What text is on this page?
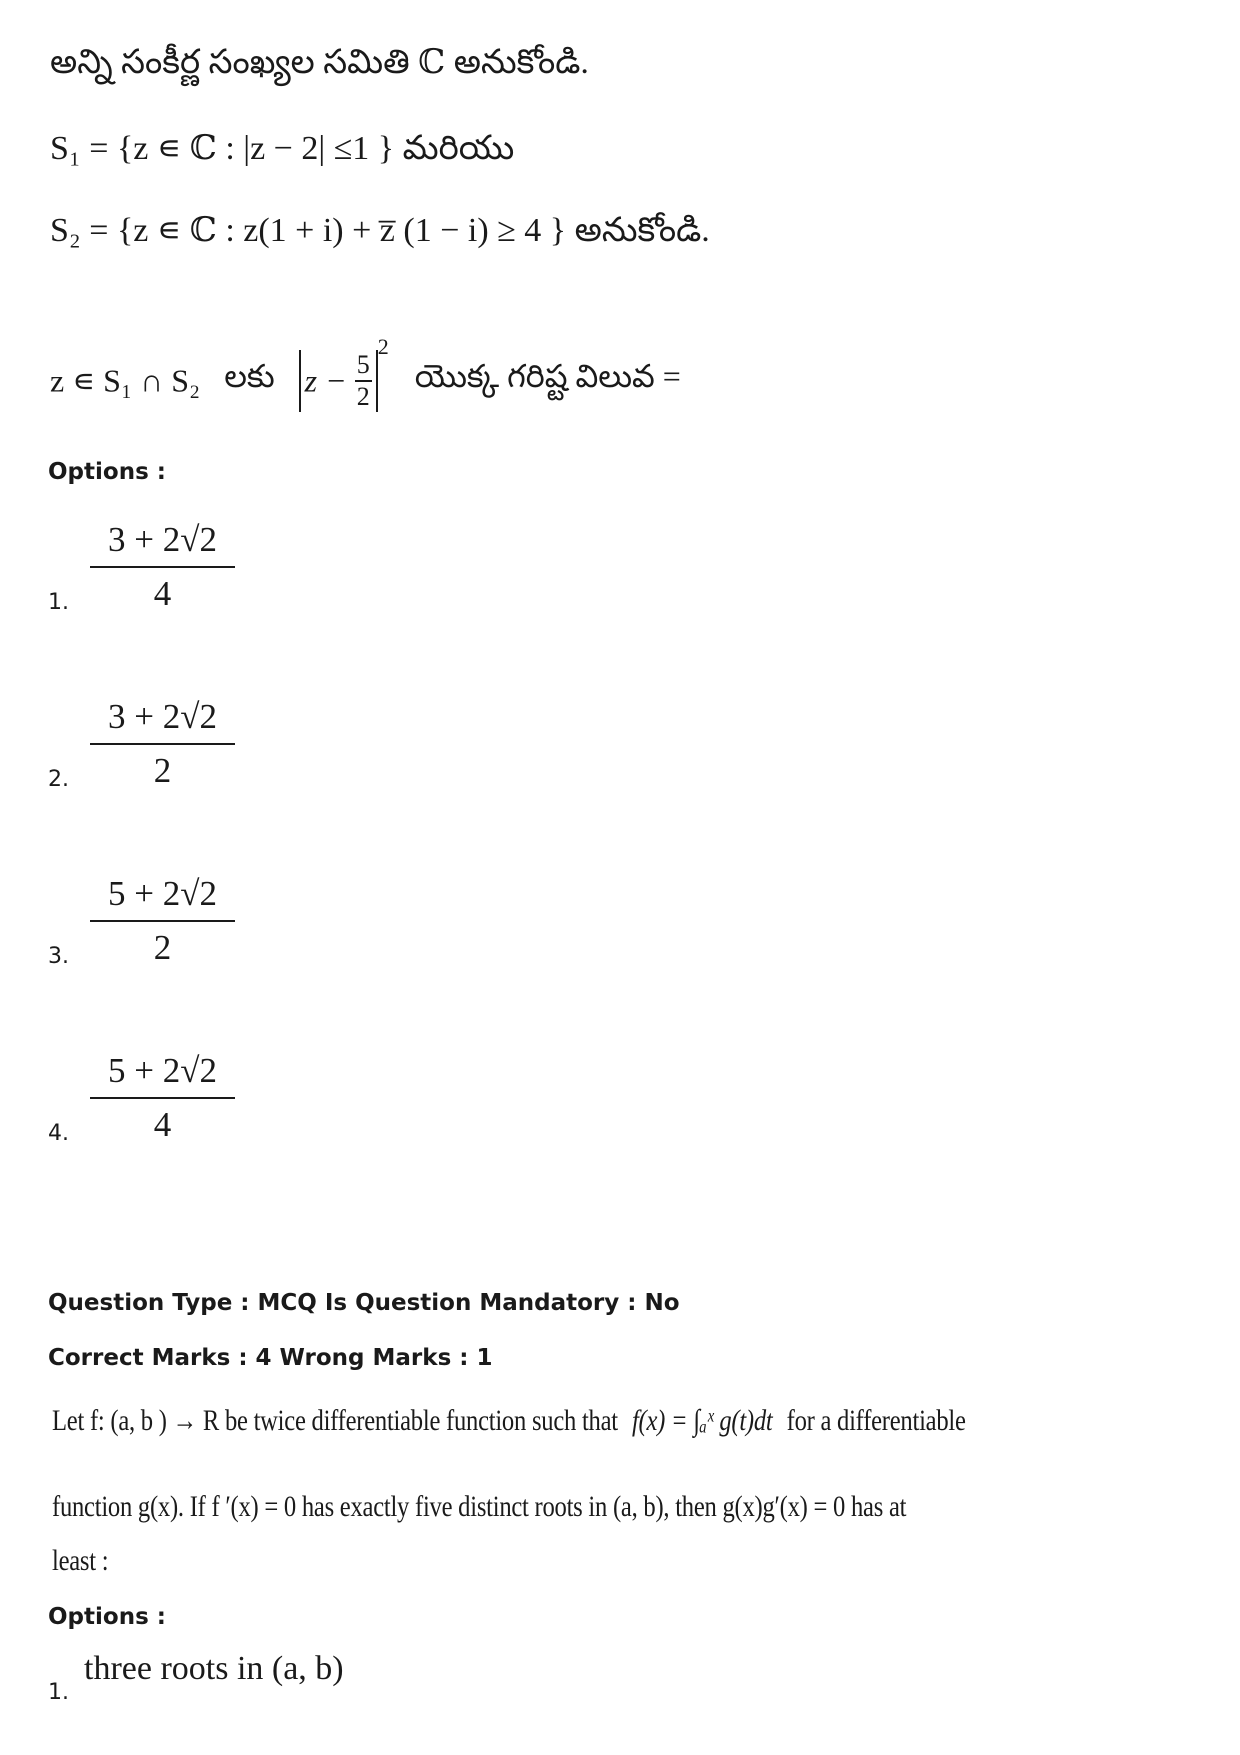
అన్ని సంకీర్ణ సంఖ్యల సమితి ℂ అనుకోండి.
S₁ = {z ∊ ℂ : |z − 2| ≤1 } మరియు
S₂ = {z ∊ ℂ : z(1 + i) + z̅ (1 − i) ≥ 4 } అనుకోండి.
z ∊ S₁ ∩ S₂ లకు $z - \frac{5}{2}$
$^2$ యొక్క గరిష్ట విలువ =
Options :
1.
3 + 2√2
4
2.
3 + 2√2
2
3.
5 + 2√2
2
4.
5 + 2√2
4
Question Type : MCQ Is Question Mandatory : No
Correct Marks : 4 Wrong Marks : 1
Let f: (a, b ) → R be twice differentiable function such that f(x) = ∫ₐˣ g(t)dt for a differentiable
function g(x). If f ′(x) = 0 has exactly five distinct roots in (a, b), then g(x)g′(x) = 0 has at
least :
Options :
1.
three roots in (a, b)
